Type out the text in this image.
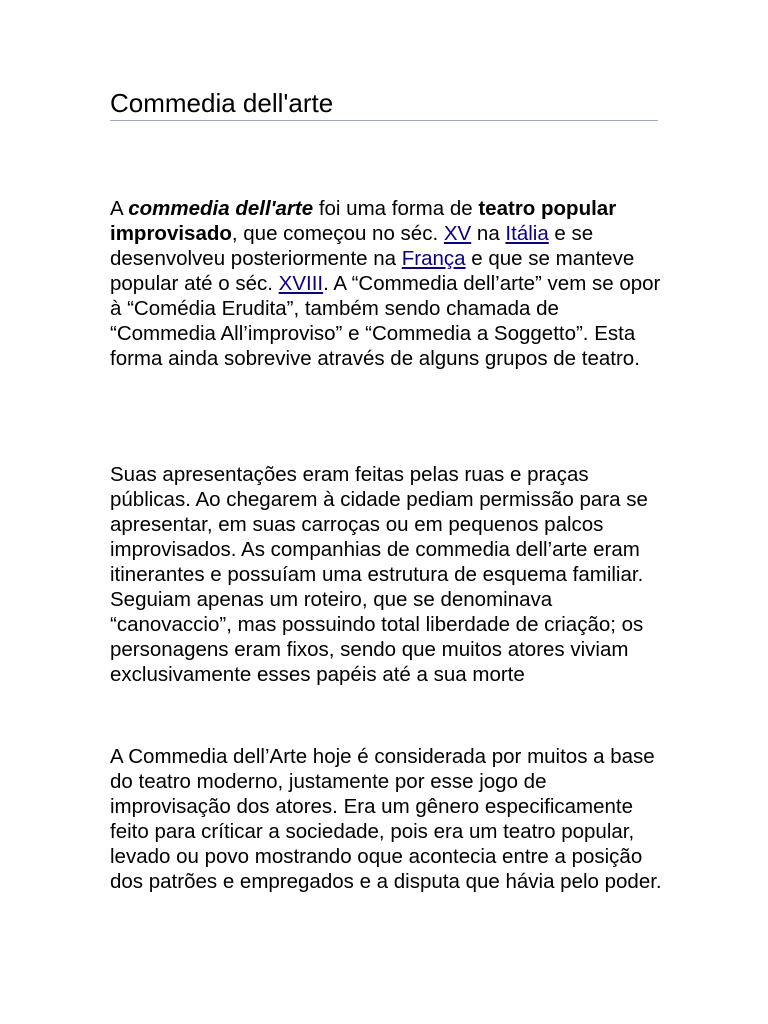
Commedia dell'arte

A commedia dell'arte foi uma forma de teatro popular improvisado, que começou no séc. XV na Itália e se desenvolveu posteriormente na França e que se manteve popular até o séc. XVIII. A “Commedia dell’arte” vem se opor à “Comédia Erudita”, também sendo chamada de “Commedia All’improviso” e “Commedia a Soggetto”. Esta forma ainda sobrevive através de alguns grupos de teatro.

Suas apresentações eram feitas pelas ruas e praças públicas. Ao chegarem à cidade pediam permissão para se apresentar, em suas carroças ou em pequenos palcos improvisados. As companhias de commedia dell’arte eram itinerantes e possuíam uma estrutura de esquema familiar. Seguiam apenas um roteiro, que se denominava “canovaccio”, mas possuindo total liberdade de criação; os personagens eram fixos, sendo que muitos atores viviam exclusivamente esses papéis até a sua morte

A Commedia dell’Arte hoje é considerada por muitos a base do teatro moderno, justamente por esse jogo de improvisação dos atores. Era um gênero especificamente feito para críticar a sociedade, pois era um teatro popular, levado ou povo mostrando oque acontecia entre a posição dos patrões e empregados e a disputa que hávia pelo poder.
